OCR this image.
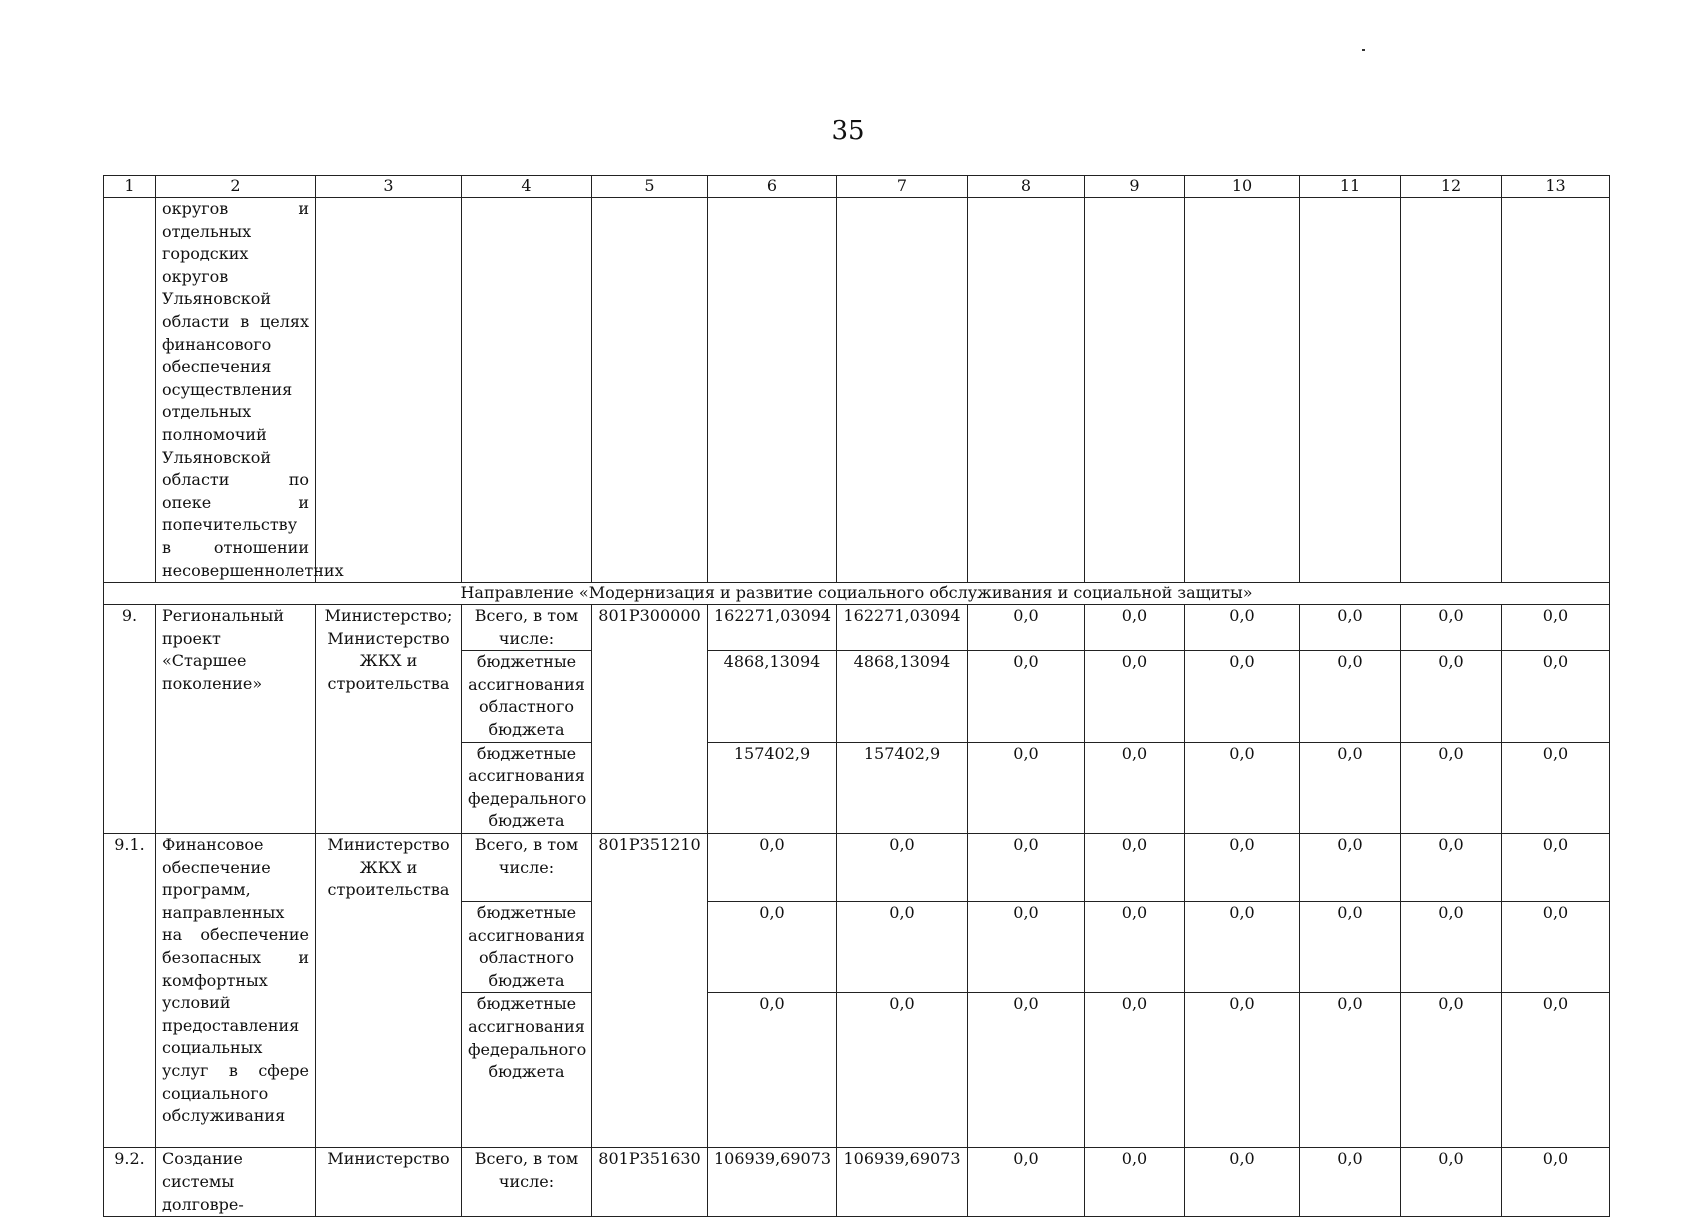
35
1	2	3	4	5	6	7	8	9	10	11	12	13
	округов и отдельных городских округов Ульяновской области в целях финансового обеспечения осуществления отдельных полномочий Ульяновской области по опеке и попечительству в отношении несовершеннолетних											
Направление «Модернизация и развитие социального обслуживания и социальной защиты»												
9.	Региональный проект «Старшее поколение»	Министерство; Министерство ЖКХ и строительства	Всего, в том числе:	801P300000	162271,03094	162271,03094	0,0	0,0	0,0	0,0	0,0	0,0
			бюджетные ассигнования областного бюджета		4868,13094	4868,13094	0,0	0,0	0,0	0,0	0,0	0,0
			бюджетные ассигнования федерального бюджета		157402,9	157402,9	0,0	0,0	0,0	0,0	0,0	0,0
9.1.	Финансовое обеспечение программ, направленных на обеспечение безопасных и комфортных условий предоставления социальных услуг в сфере социального обслуживания	Министерство ЖКХ и строительства	Всего, в том числе:	801P351210	0,0	0,0	0,0	0,0	0,0	0,0	0,0	0,0
			бюджетные ассигнования областного бюджета		0,0	0,0	0,0	0,0	0,0	0,0	0,0	0,0
			бюджетные ассигнования федерального бюджета		0,0	0,0	0,0	0,0	0,0	0,0	0,0	0,0
9.2.	Создание системы долговре-	Министерство	Всего, в том числе:	801P351630	106939,69073	106939,69073	0,0	0,0	0,0	0,0	0,0	0,0
